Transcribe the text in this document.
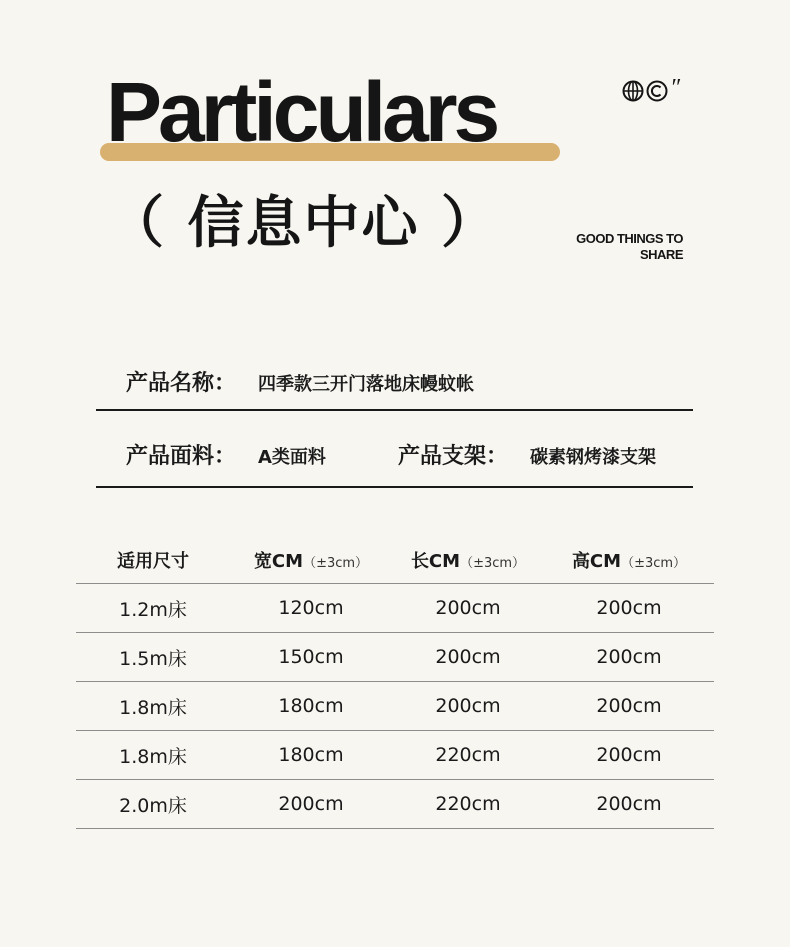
Particulars
（ 信息中心 ）
″
GOOD THINGS TO
SHARE
产品名称： 四季款三开门落地床幔蚊帐
产品面料： A类面料	产品支架： 碳素钢烤漆支架
适用尺寸	宽CM（±3cm）	长CM（±3cm）	高CM（±3cm）
1.2m床	120cm	200cm	200cm
1.5m床	150cm	200cm	200cm
1.8m床	180cm	200cm	200cm
1.8m床	180cm	220cm	200cm
2.0m床	200cm	220cm	200cm
